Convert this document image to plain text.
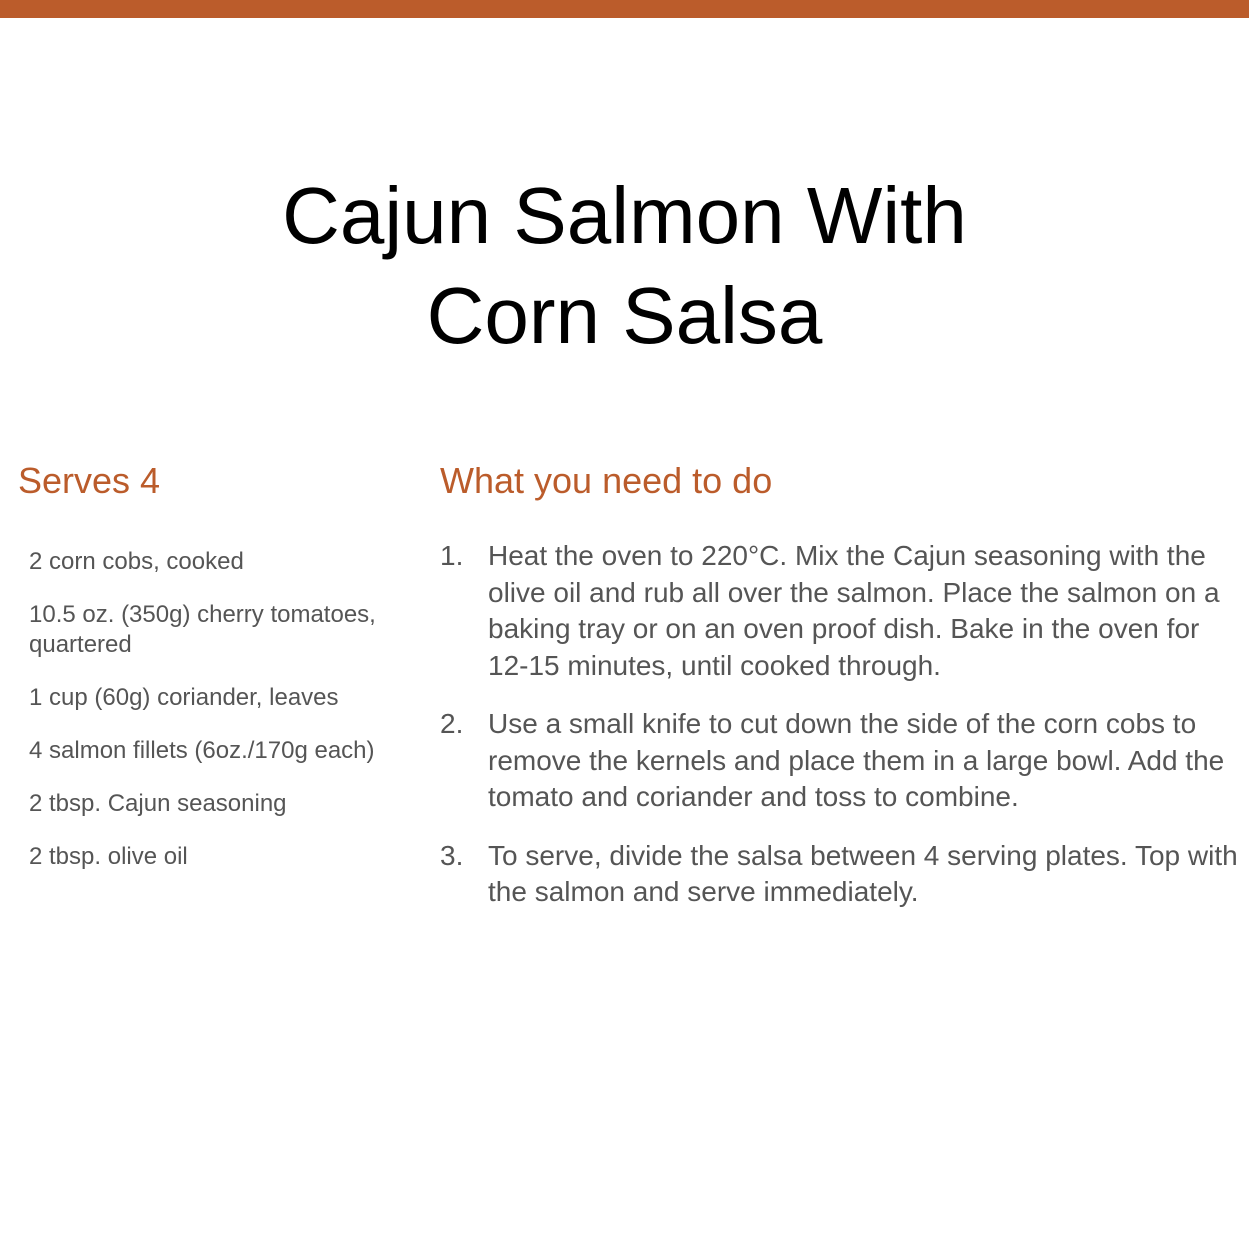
Cajun Salmon With
Corn Salsa
Serves 4
2 corn cobs, cooked
10.5 oz. (350g) cherry tomatoes, quartered
1 cup (60g) coriander, leaves
4 salmon fillets (6oz./170g each)
2 tbsp. Cajun seasoning
2 tbsp. olive oil
What you need to do
1. Heat the oven to 220°C. Mix the Cajun seasoning with the olive oil and rub all over the salmon. Place the salmon on a baking tray or on an oven proof dish. Bake in the oven for 12-15 minutes, until cooked through.
2. Use a small knife to cut down the side of the corn cobs to remove the kernels and place them in a large bowl. Add the tomato and coriander and toss to combine.
3. To serve, divide the salsa between 4 serving plates. Top with the salmon and serve immediately.
